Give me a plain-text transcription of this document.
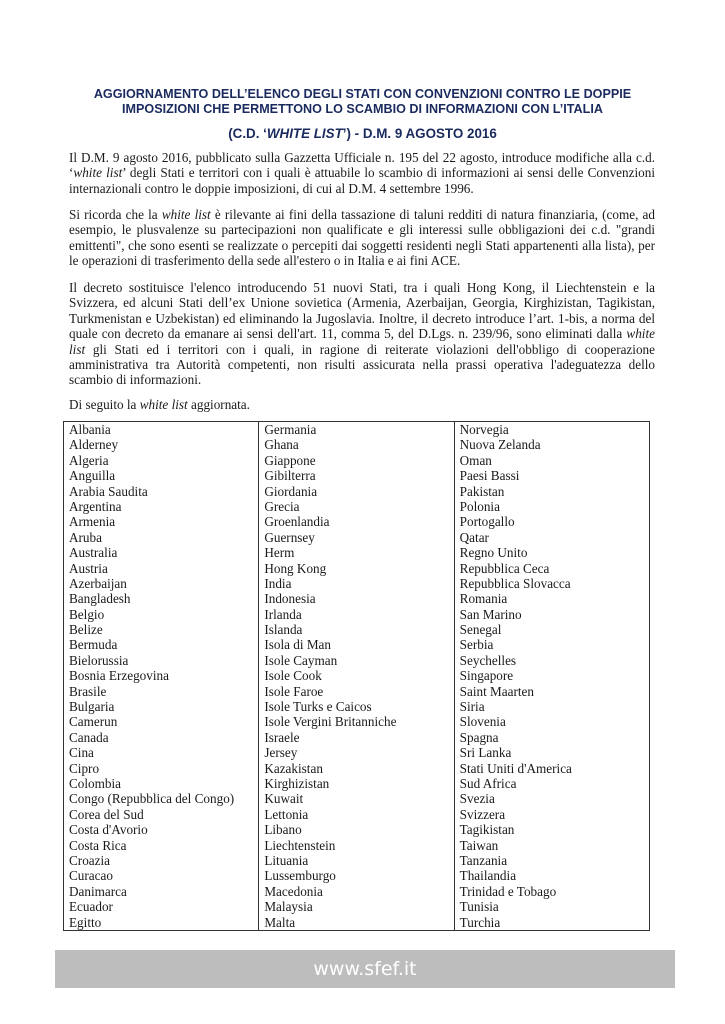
AGGIORNAMENTO DELL’ELENCO DEGLI STATI CON CONVENZIONI CONTRO LE DOPPIE
IMPOSIZIONI CHE PERMETTONO LO SCAMBIO DI INFORMAZIONI CON L’ITALIA
(C.D. ‘WHITE LIST’) - D.M. 9 AGOSTO 2016

Il D.M. 9 agosto 2016, pubblicato sulla Gazzetta Ufficiale n. 195 del 22 agosto, introduce modifiche alla c.d. ‘white list’ degli Stati e territori con i quali è attuabile lo scambio di informazioni ai sensi delle Convenzioni internazionali contro le doppie imposizioni, di cui al D.M. 4 settembre 1996.

Si ricorda che la white list è rilevante ai fini della tassazione di taluni redditi di natura finanziaria, (come, ad esempio, le plusvalenze su partecipazioni non qualificate e gli interessi sulle obbligazioni dei c.d. "grandi emittenti", che sono esenti se realizzate o percepiti dai soggetti residenti negli Stati appartenenti alla lista), per le operazioni di trasferimento della sede all'estero o in Italia e ai fini ACE.

Il decreto sostituisce l'elenco introducendo 51 nuovi Stati, tra i quali Hong Kong, il Liechtenstein e la Svizzera, ed alcuni Stati dell’ex Unione sovietica (Armenia, Azerbaijan, Georgia, Kirghizistan, Tagikistan, Turkmenistan e Uzbekistan) ed eliminando la Jugoslavia. Inoltre, il decreto introduce l’art. 1-bis, a norma del quale con decreto da emanare ai sensi dell'art. 11, comma 5, del D.Lgs. n. 239/96, sono eliminati dalla white list gli Stati ed i territori con i quali, in ragione di reiterate violazioni dell'obbligo di cooperazione amministrativa tra Autorità competenti, non risulti assicurata nella prassi operativa l'adeguatezza dello scambio di informazioni.

Di seguito la white list aggiornata.

Albania
Alderney
Algeria
Anguilla
Arabia Saudita
Argentina
Armenia
Aruba
Australia
Austria
Azerbaijan
Bangladesh
Belgio
Belize
Bermuda
Bielorussia
Bosnia Erzegovina
Brasile
Bulgaria
Camerun
Canada
Cina
Cipro
Colombia
Congo (Repubblica del Congo)
Corea del Sud
Costa d'Avorio
Costa Rica
Croazia
Curacao
Danimarca
Ecuador
Egitto

Germania
Ghana
Giappone
Gibilterra
Giordania
Grecia
Groenlandia
Guernsey
Herm
Hong Kong
India
Indonesia
Irlanda
Islanda
Isola di Man
Isole Cayman
Isole Cook
Isole Faroe
Isole Turks e Caicos
Isole Vergini Britanniche
Israele
Jersey
Kazakistan
Kirghizistan
Kuwait
Lettonia
Libano
Liechtenstein
Lituania
Lussemburgo
Macedonia
Malaysia
Malta

Norvegia
Nuova Zelanda
Oman
Paesi Bassi
Pakistan
Polonia
Portogallo
Qatar
Regno Unito
Repubblica Ceca
Repubblica Slovacca
Romania
San Marino
Senegal
Serbia
Seychelles
Singapore
Saint Maarten
Siria
Slovenia
Spagna
Sri Lanka
Stati Uniti d'America
Sud Africa
Svezia
Svizzera
Tagikistan
Taiwan
Tanzania
Thailandia
Trinidad e Tobago
Tunisia
Turchia
www.sfef.it
